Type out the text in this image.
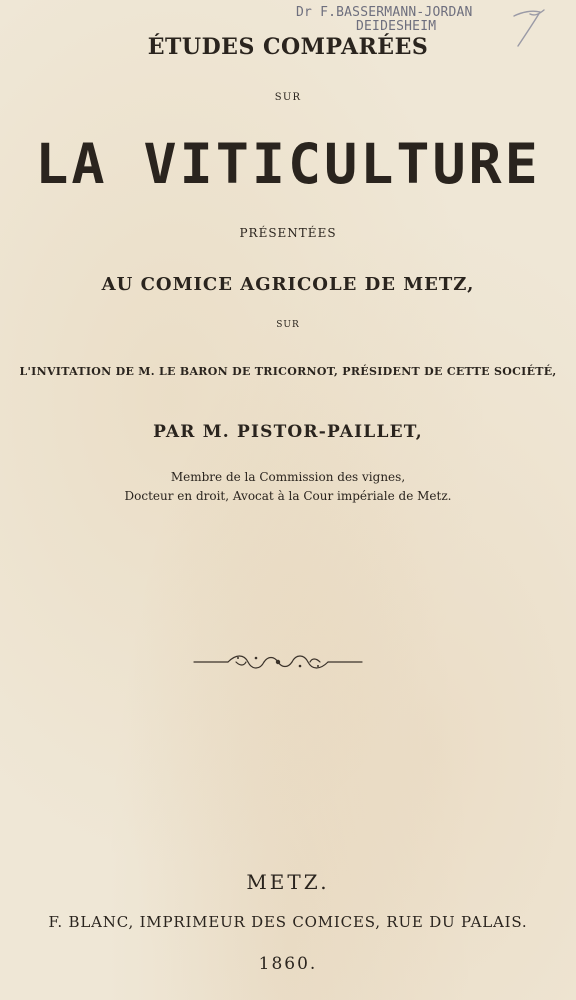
Dr F.BASSERMANN-JORDAN
DEIDESHEIM
ÉTUDES COMPARÉES
SUR
LA VITICULTURE
PRÉSENTÉES
AU COMICE AGRICOLE DE METZ,
SUR
L'INVITATION DE M. LE BARON DE TRICORNOT, PRÉSIDENT DE CETTE SOCIÉTÉ,
PAR M. PISTOR-PAILLET,
Membre de la Commission des vignes,
Docteur en droit, Avocat à la Cour impériale de Metz.
METZ.
F. BLANC, IMPRIMEUR DES COMICES, RUE DU PALAIS.
1860.
